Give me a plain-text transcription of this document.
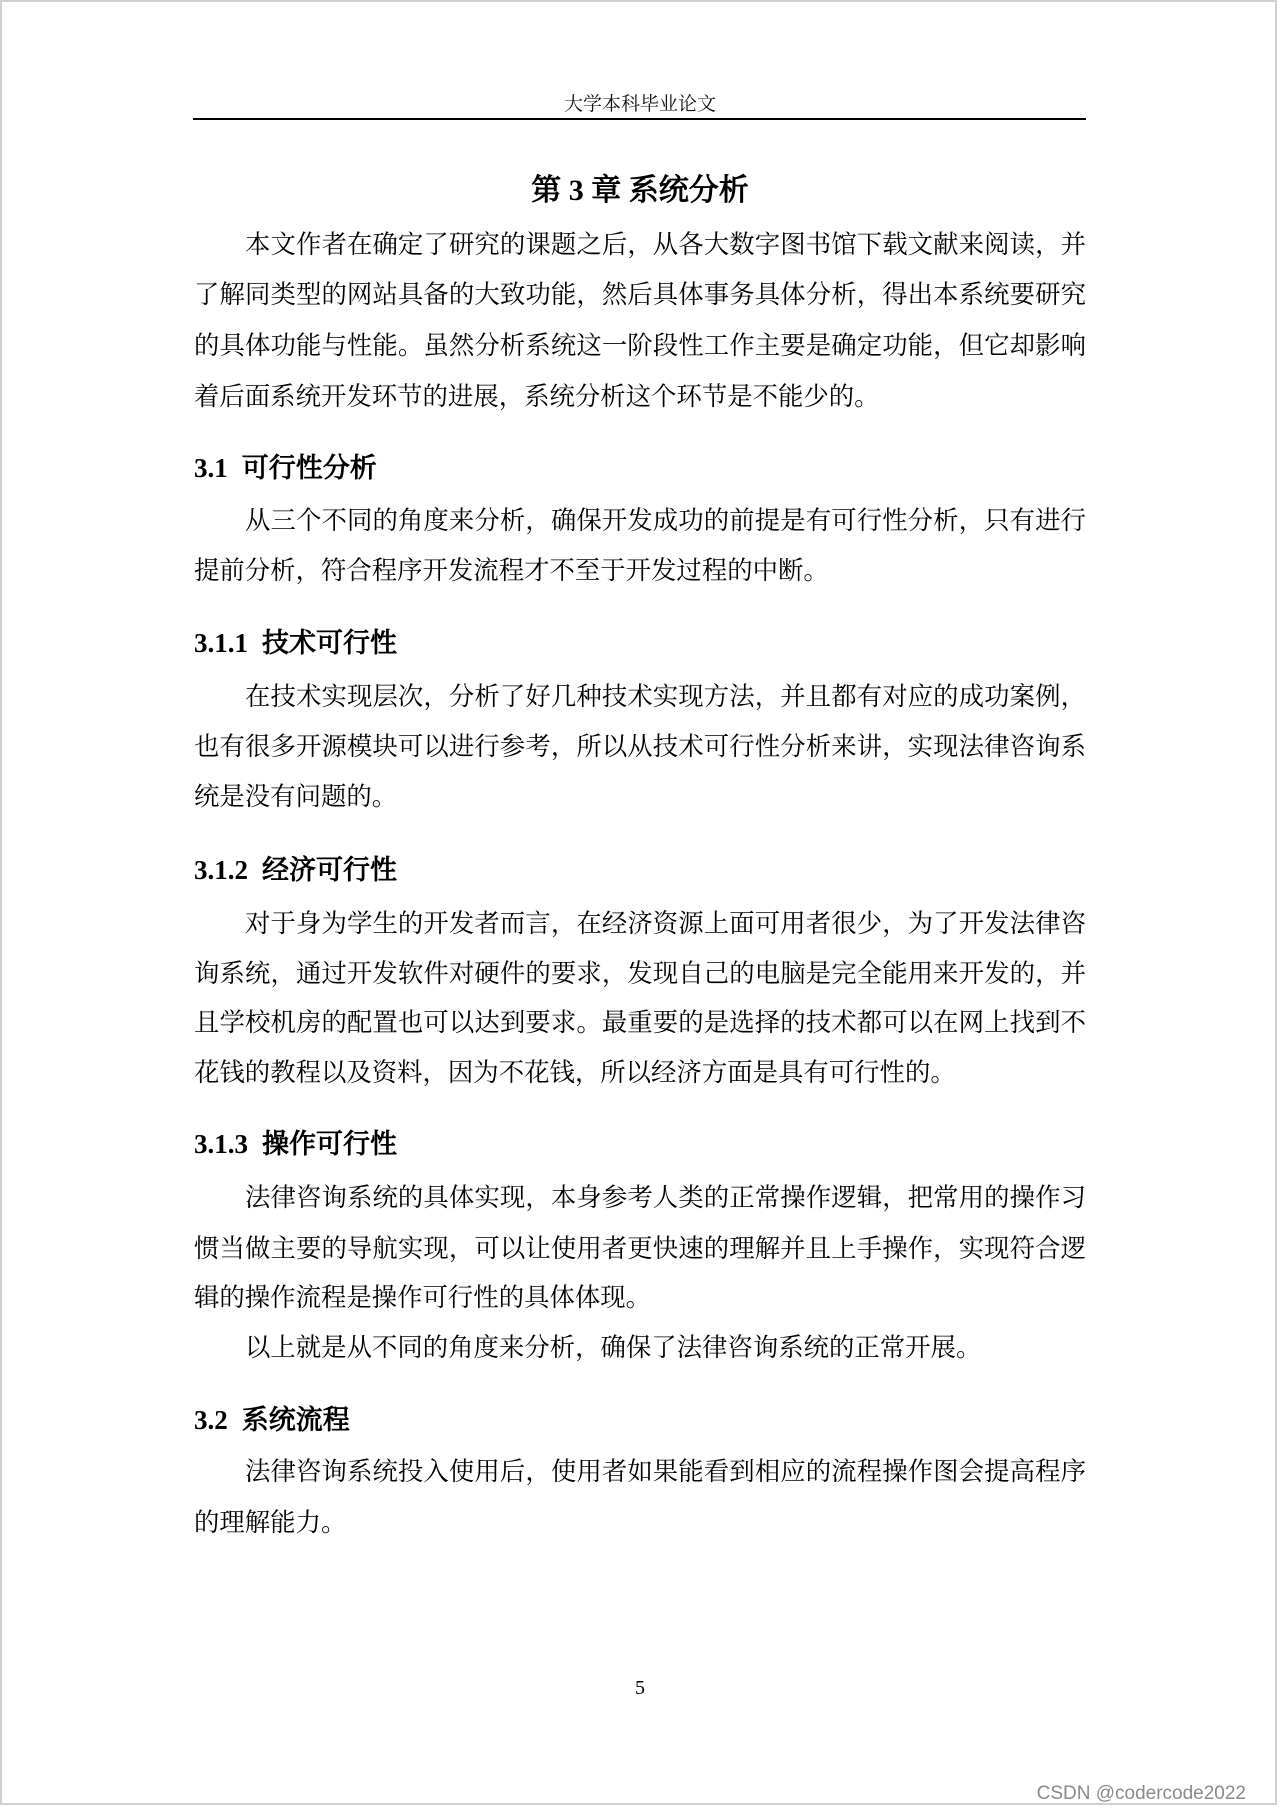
大学本科毕业论文
第 3 章 系统分析
本文作者在确定了研究的课题之后，从各大数字图书馆下载文献来阅读，并
了解同类型的网站具备的大致功能，然后具体事务具体分析，得出本系统要研究
的具体功能与性能。虽然分析系统这一阶段性工作主要是确定功能，但它却影响
着后面系统开发环节的进展，系统分析这个环节是不能少的。
3.1 可行性分析
从三个不同的角度来分析，确保开发成功的前提是有可行性分析，只有进行
提前分析，符合程序开发流程才不至于开发过程的中断。
3.1.1 技术可行性
在技术实现层次，分析了好几种技术实现方法，并且都有对应的成功案例，
也有很多开源模块可以进行参考，所以从技术可行性分析来讲，实现法律咨询系
统是没有问题的。
3.1.2 经济可行性
对于身为学生的开发者而言，在经济资源上面可用者很少，为了开发法律咨
询系统，通过开发软件对硬件的要求，发现自己的电脑是完全能用来开发的，并
且学校机房的配置也可以达到要求。最重要的是选择的技术都可以在网上找到不
花钱的教程以及资料，因为不花钱，所以经济方面是具有可行性的。
3.1.3 操作可行性
法律咨询系统的具体实现，本身参考人类的正常操作逻辑，把常用的操作习
惯当做主要的导航实现，可以让使用者更快速的理解并且上手操作，实现符合逻
辑的操作流程是操作可行性的具体体现。
以上就是从不同的角度来分析，确保了法律咨询系统的正常开展。
3.2 系统流程
法律咨询系统投入使用后，使用者如果能看到相应的流程操作图会提高程序
的理解能力。
5
CSDN @codercode2022
